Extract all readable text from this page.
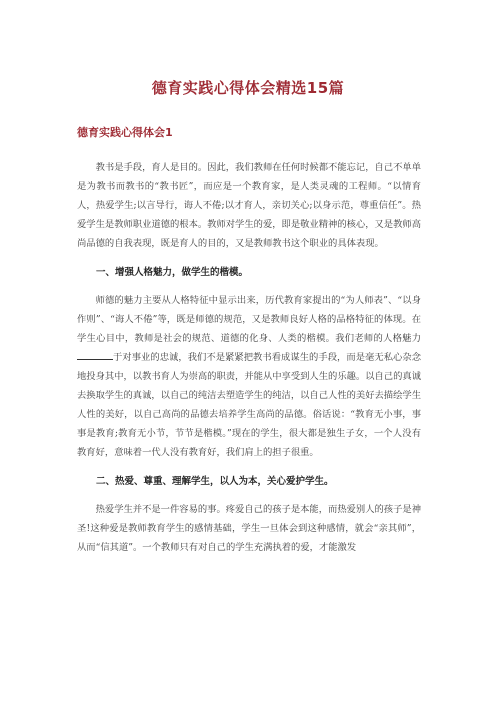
德育实践心得体会精选15篇
德育实践心得体会1

教书是手段，育人是目的。因此，我们教师在任何时候都不能忘记，自己不单单是为教书而教书的“教书匠”，而应是一个教育家，是人类灵魂的工程师。“以情育人，热爱学生;以言导行，诲人不倦;以才育人，亲切关心;以身示范，尊重信任”。热爱学生是教师职业道德的根本。教师对学生的爱，即是敬业精神的核心，又是教师高尚品德的自我表现，既是育人的目的，又是教师教书这个职业的具体表现。

一、增强人格魅力，做学生的楷模。

师德的魅力主要从人格特征中显示出来，历代教育家提出的“为人师表”、“以身作则”、“诲人不倦”等，既是师德的规范，又是教师良好人格的品格特征的体现。在学生心目中，教师是社会的规范、道德的化身、人类的楷模。我们老师的人格魅力于对事业的忠诚，我们不是紧紧把教书看成谋生的手段，而是毫无私心杂念地投身其中，以教书育人为崇高的职责，并能从中享受到人生的乐趣。以自己的真诚去换取学生的真诚，以自己的纯洁去塑造学生的纯洁，以自己人性的美好去描绘学生人性的美好，以自己高尚的品德去培养学生高尚的品德。俗话说：“教育无小事，事事是教育;教育无小节，节节是楷模。”现在的学生，很大都是独生子女，一个人没有教育好，意味着一代人没有教育好，我们肩上的担子很重。

二、热爱、尊重、理解学生，以人为本，关心爱护学生。

热爱学生并不是一件容易的事。疼爱自己的孩子是本能，而热爱别人的孩子是神圣!这种爱是教师教育学生的感情基础，学生一旦体会到这种感情，就会“亲其师”，从而“信其道”。一个教师只有对自己的学生充满执着的爱，才能激发
